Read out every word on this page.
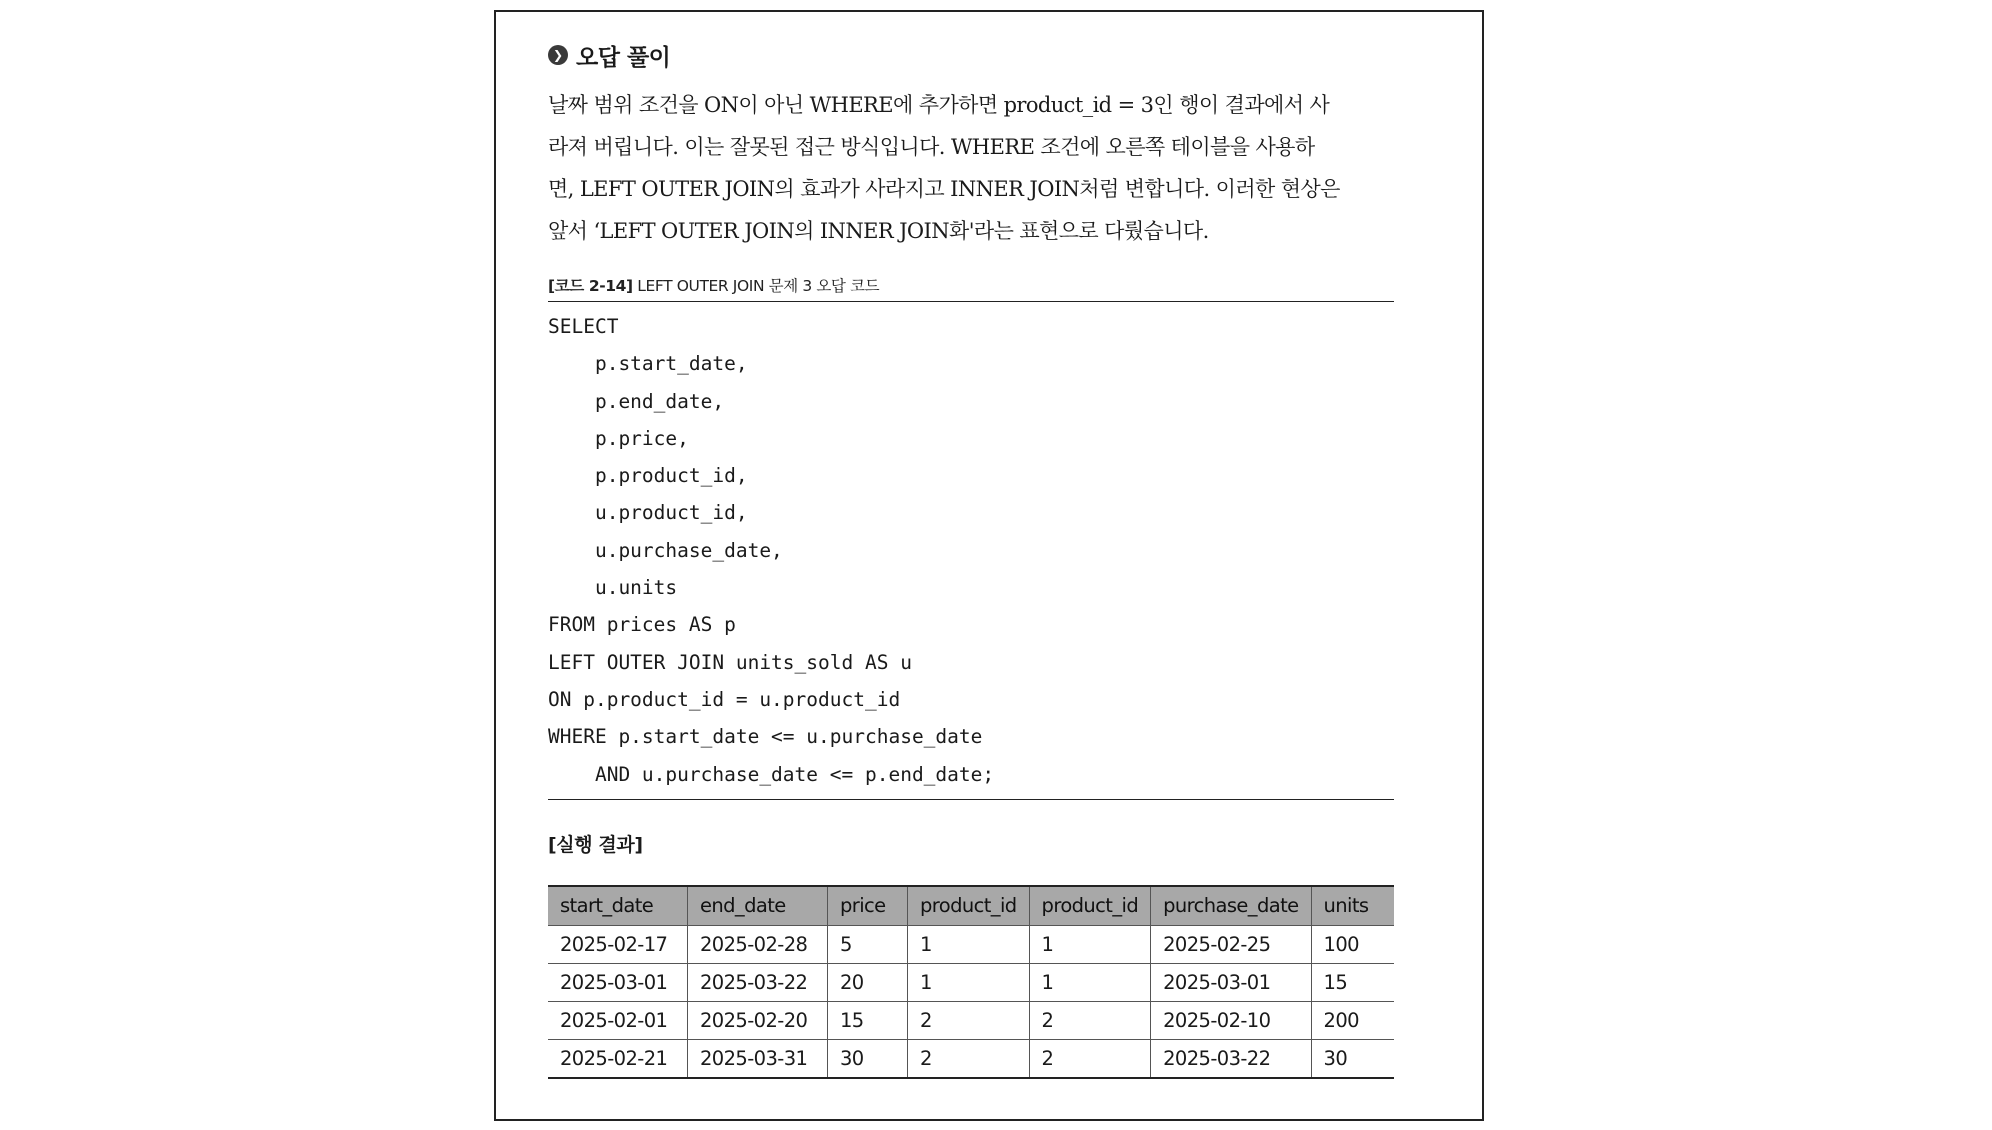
❯ 오답 풀이
날짜 범위 조건을 ON이 아닌 WHERE에 추가하면 product_id = 3인 행이 결과에서 사
라져 버립니다. 이는 잘못된 접근 방식입니다. WHERE 조건에 오른쪽 테이블을 사용하
면, LEFT OUTER JOIN의 효과가 사라지고 INNER JOIN처럼 변합니다. 이러한 현상은
앞서 ‘LEFT OUTER JOIN의 INNER JOIN화'라는 표현으로 다뤘습니다.
[코드 2-14] LEFT OUTER JOIN 문제 3 오답 코드
SELECT
p.start_date,
p.end_date,
p.price,
p.product_id,
u.product_id,
u.purchase_date,
u.units
FROM prices AS p
LEFT OUTER JOIN units_sold AS u
ON p.product_id = u.product_id
WHERE p.start_date <= u.purchase_date
AND u.purchase_date <= p.end_date;
[실행 결과]
start_date	end_date	price	product_id	product_id	purchase_date	units
2025-02-17	2025-02-28	5	1	1	2025-02-25	100
2025-03-01	2025-03-22	20	1	1	2025-03-01	15
2025-02-01	2025-02-20	15	2	2	2025-02-10	200
2025-02-21	2025-03-31	30	2	2	2025-03-22	30
